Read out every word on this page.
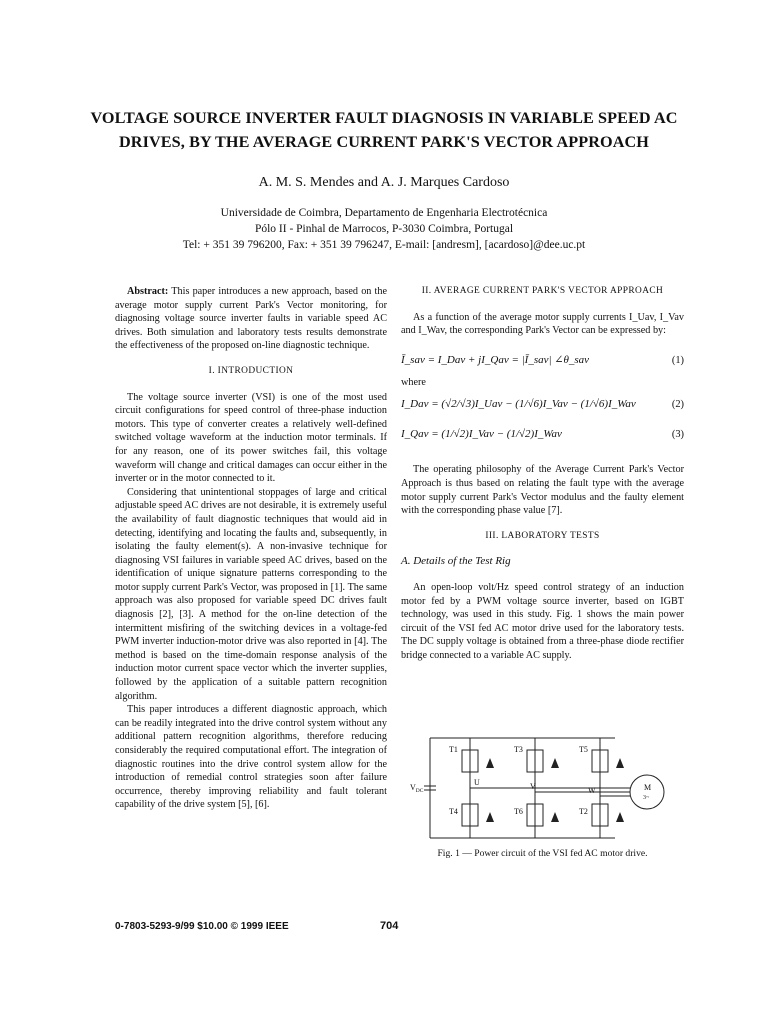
VOLTAGE SOURCE INVERTER FAULT DIAGNOSIS IN VARIABLE SPEED AC
DRIVES, BY THE AVERAGE CURRENT PARK'S VECTOR APPROACH
A. M. S. Mendes and A. J. Marques Cardoso
Universidade de Coimbra, Departamento de Engenharia Electrotécnica
Pólo II - Pinhal de Marrocos, P-3030 Coimbra, Portugal
Tel: + 351 39 796200, Fax: + 351 39 796247, E-mail: [andresm], [acardoso]@dee.uc.pt

Abstract: This paper introduces a new approach, based on the average motor supply current Park's Vector monitoring, for diagnosing voltage source inverter faults in variable speed AC drives. Both simulation and laboratory tests results demonstrate the effectiveness of the proposed on-line diagnostic technique.

I. INTRODUCTION

The voltage source inverter (VSI) is one of the most used circuit configurations for speed control of three-phase induction motors. This type of converter creates a relatively well-defined switched voltage waveform at the induction motor terminals. If for any reason, one of its power switches fail, this voltage waveform will change and critical damages can occur either in the inverter or in the motor connected to it.

Considering that unintentional stoppages of large and critical adjustable speed AC drives are not desirable, it is extremely useful the availability of fault diagnostic techniques that would aid in detecting, identifying and locating the faults and, subsequently, in isolating the faulty element(s). A non-invasive technique for diagnosing VSI failures in variable speed AC drives, based on the identification of unique signature patterns corresponding to the motor supply current Park's Vector, was proposed in [1]. The same approach was also proposed for variable speed DC drives fault diagnosis [2], [3]. A method for the on-line detection of the intermittent misfiring of the switching devices in a voltage-fed PWM inverter induction-motor drive was also reported in [4]. The method is based on the time-domain response analysis of the induction motor current space vector which the inverter supplies, followed by the application of a suitable pattern recognition algorithm.

This paper introduces a different diagnostic approach, which can be readily integrated into the drive control system without any additional pattern recognition algorithms, therefore reducing considerably the required computational effort. The integration of diagnostic routines into the drive control system allow for the introduction of remedial control strategies soon after failure occurrence, thereby improving reliability and fault tolerant capability of the drive system [5], [6].

II. AVERAGE CURRENT PARK'S VECTOR APPROACH

As a function of the average motor supply currents I_Uav, I_Vav and I_Wav, the corresponding Park's Vector can be expressed by:

Ī_sav = I_Dav + jI_Qav = |Ī_sav| ∠θ_sav	(1)

where

I_Dav = (√2/√3)I_Uav − (1/√6)I_Vav − (1/√6)I_Wav	(2)
I_Qav = (1/√2)I_Vav − (1/√2)I_Wav	(3)

The operating philosophy of the Average Current Park's Vector Approach is thus based on relating the fault type with the average motor supply current Park's Vector modulus and the faulty element with the corresponding phase value [7].

III. LABORATORY TESTS
A. Details of the Test Rig

An open-loop volt/Hz speed control strategy of an induction motor fed by a PWM voltage source inverter, based on IGBT technology, was used in this study. Fig. 1 shows the main power circuit of the VSI fed AC motor drive used for the laboratory tests. The DC supply voltage is obtained from a three-phase diode rectifier bridge connected to a variable AC supply.

$V_{DC}$
T1	T3	T5
T4	T6	T2
U	V	W	M
3~
Fig. 1 — Power circuit of the VSI fed AC motor drive.
0-7803-5293-9/99 $10.00 © 1999 IEEE	704
